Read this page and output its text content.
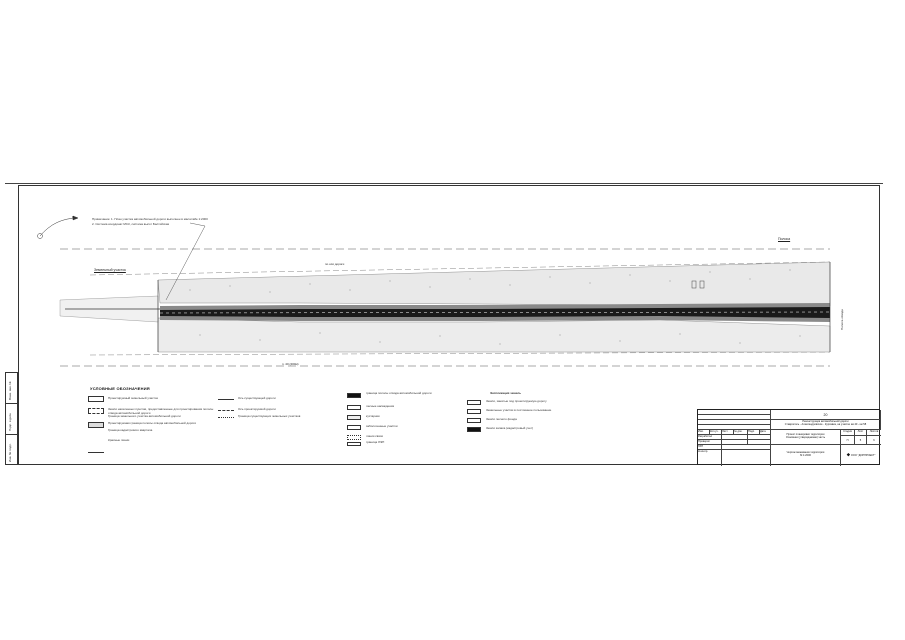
Примечание: 1. План участка автомобильной дороги выполнен в масштабе 1:2000
2. Система координат МСК, система высот Балтийская
С
Земельный участок
Полоса
по оси дороги
п. 40 (200м)
Полоса отвода
Взам. инв. №
Подп. и дата
Инв. № подл.
УСЛОВНЫЕ ОБОЗНАЧЕНИЯ
Проектируемый земельный участок
Земли населенных пунктов, предоставленные для проектирования полосы отвода автомобильной дороги
Граница земельного участка автомобильной дороги
Проектируемая граница полосы отвода автомобильной дороги
Граница кадастрового квартала
Красные линии
Ось существующей дороги
Ось проектируемой дороги
Граница существующих земельных участков
граница полосы отвода автомобильной дороги
лесные насаждения
кустарник
заболоченные участки
линии связи
граница ЛЭП
Экспликация земель
Земли, занятые под проектируемую дорогу
Земельные участки в постоянное пользование
Земли лесного фонда
Земли запаса (кадастровый учет)
20
Изм.	Кол.уч.	Лист	№ док.	Подп.	Дата
Разработал
Проверил
ГИП
Н.контр.
Реконструкция автомобильной дороги
Ставрополь - Александровское - Курсавка, на участке км 40 - км 58
Проект планировки территории
Основная (утверждаемая) часть
Стадия	Лист	Листов
П	5	6
Чертеж межевания территории
М 1:2000	⬥ ООО "ДОРПРОЕКТ"
